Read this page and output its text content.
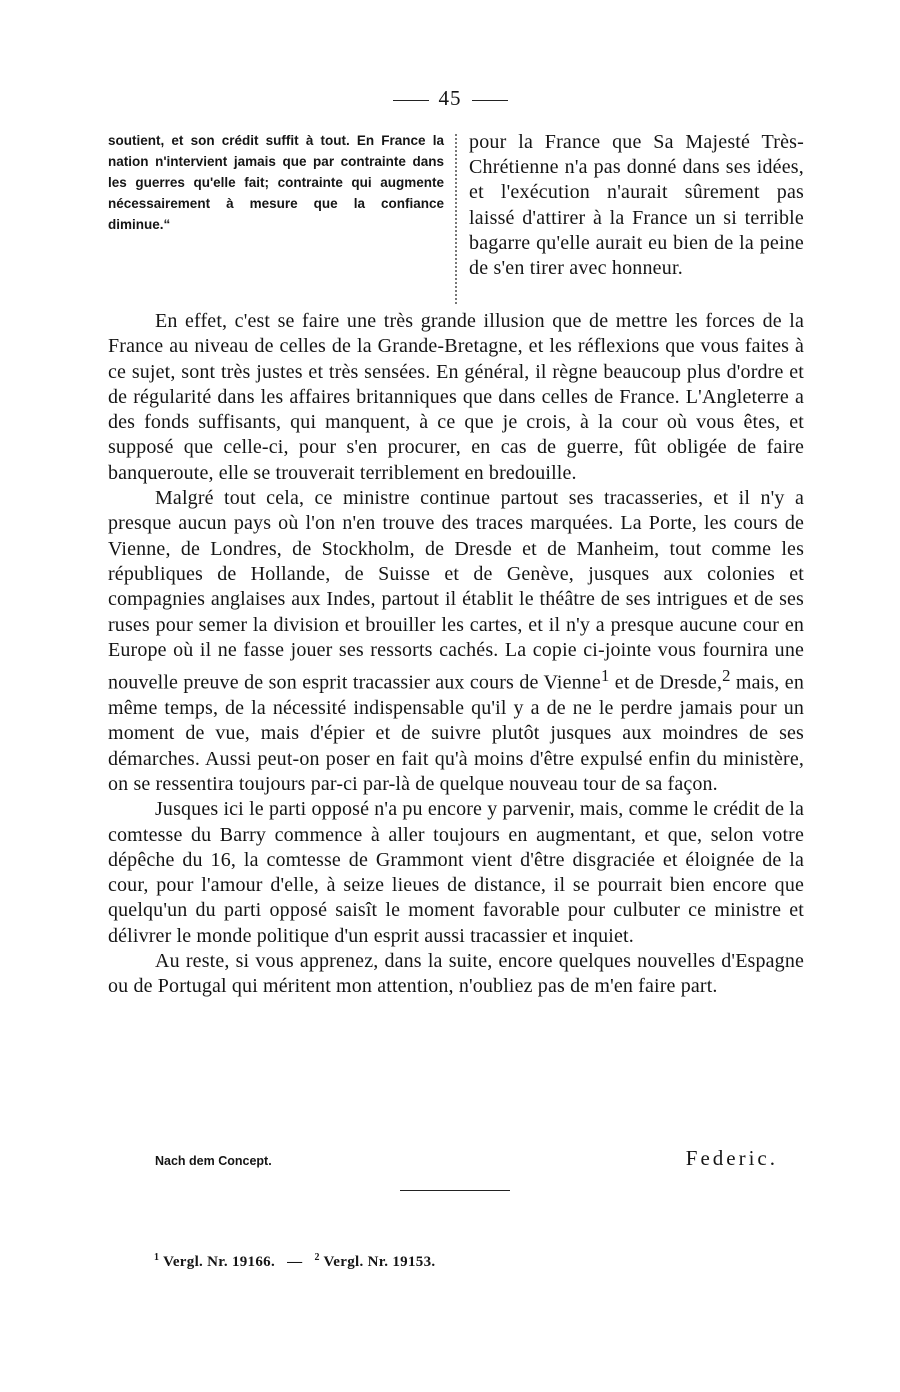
45
soutient, et son crédit suffit à tout. En France la nation n'intervient jamais que par contrainte dans les guerres qu'elle fait; contrainte qui augmente nécessairement à mesure que la confiance diminue.“
pour la France que Sa Majesté Très-Chrétienne n'a pas donné dans ses idées, et l'exécution n'aurait sûrement pas laissé d'attirer à la France un si terrible bagarre qu'elle aurait eu bien de la peine de s'en tirer avec honneur.

En effet, c'est se faire une très grande illusion que de mettre les forces de la France au niveau de celles de la Grande-Bretagne, et les réflexions que vous faites à ce sujet, sont très justes et très sensées. En général, il règne beaucoup plus d'ordre et de régularité dans les affaires britanniques que dans celles de France. L'Angleterre a des fonds suffisants, qui manquent, à ce que je crois, à la cour où vous êtes, et supposé que celle-ci, pour s'en procurer, en cas de guerre, fût obligée de faire banqueroute, elle se trouverait terriblement en bredouille.

Malgré tout cela, ce ministre continue partout ses tracasseries, et il n'y a presque aucun pays où l'on n'en trouve des traces marquées. La Porte, les cours de Vienne, de Londres, de Stockholm, de Dresde et de Manheim, tout comme les républiques de Hollande, de Suisse et de Genève, jusques aux colonies et compagnies anglaises aux Indes, partout il établit le théâtre de ses intrigues et de ses ruses pour semer la division et brouiller les cartes, et il n'y a presque aucune cour en Europe où il ne fasse jouer ses ressorts cachés. La copie ci-jointe vous fournira une nouvelle preuve de son esprit tracassier aux cours de Vienne$^1$ et de Dresde,$^2$ mais, en même temps, de la nécessité indispensable qu'il y a de ne le perdre jamais pour un moment de vue, mais d'épier et de suivre plutôt jusques aux moindres de ses démarches. Aussi peut-on poser en fait qu'à moins d'être expulsé enfin du ministère, on se ressentira toujours par-ci par-là de quelque nouveau tour de sa façon.

Jusques ici le parti opposé n'a pu encore y parvenir, mais, comme le crédit de la comtesse du Barry commence à aller toujours en augmentant, et que, selon votre dépêche du 16, la comtesse de Grammont vient d'être disgraciée et éloignée de la cour, pour l'amour d'elle, à seize lieues de distance, il se pourrait bien encore que quelqu'un du parti opposé saisît le moment favorable pour culbuter ce ministre et délivrer le monde politique d'un esprit aussi tracassier et inquiet.

Au reste, si vous apprenez, dans la suite, encore quelques nouvelles d'Espagne ou de Portugal qui méritent mon attention, n'oubliez pas de m'en faire part.

Nach dem Concept.	Federic.
$^1$ Vergl. Nr. 19166. — $^2$ Vergl. Nr. 19153.
